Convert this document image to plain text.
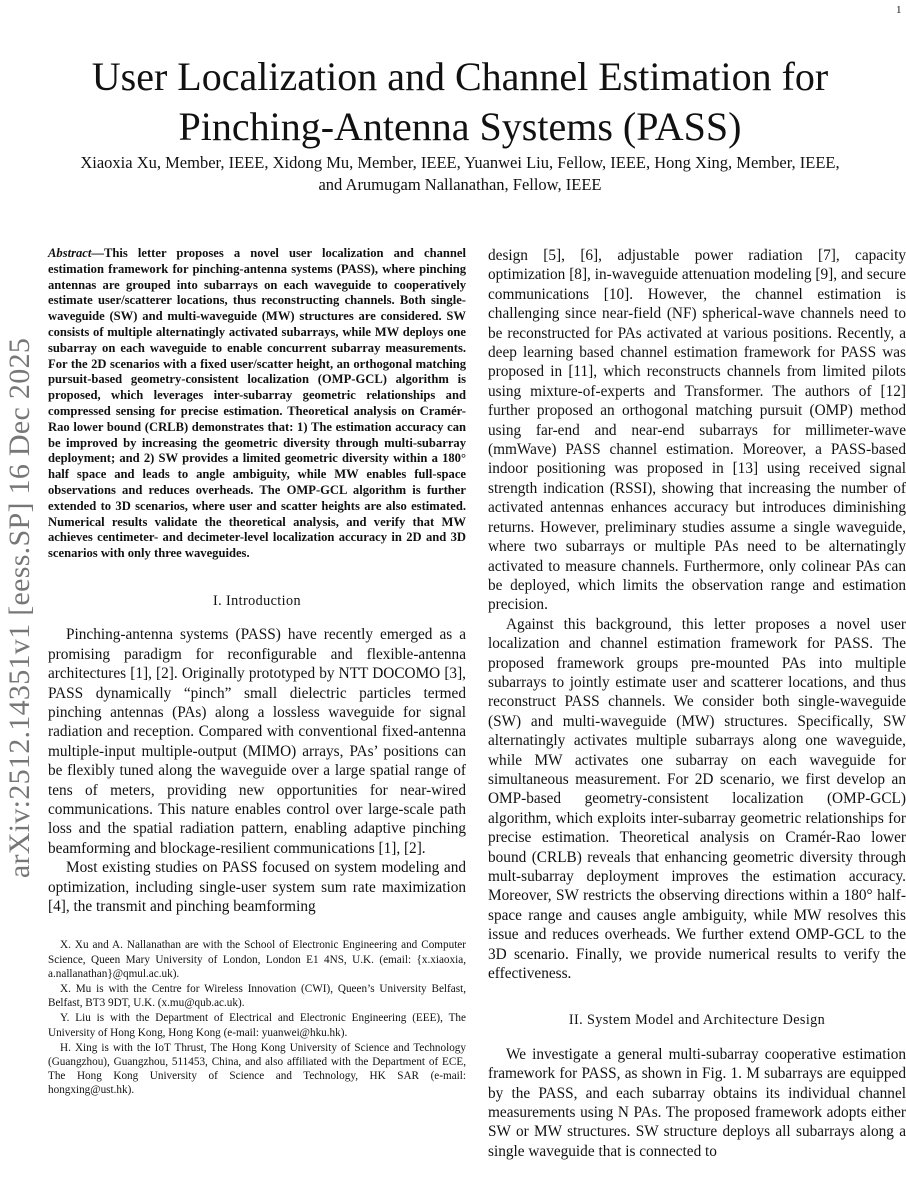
1
arXiv:2512.14351v1 [eess.SP] 16 Dec 2025
User Localization and Channel Estimation for Pinching-Antenna Systems (PASS)
Xiaoxia Xu, Member, IEEE, Xidong Mu, Member, IEEE, Yuanwei Liu, Fellow, IEEE, Hong Xing, Member, IEEE,
and Arumugam Nallanathan, Fellow, IEEE

Abstract—This letter proposes a novel user localization and channel estimation framework for pinching-antenna systems (PASS), where pinching antennas are grouped into subarrays on each waveguide to cooperatively estimate user/scatterer locations, thus reconstructing channels. Both single-waveguide (SW) and multi-waveguide (MW) structures are considered. SW consists of multiple alternatingly activated subarrays, while MW deploys one subarray on each waveguide to enable concurrent subarray measurements. For the 2D scenarios with a fixed user/scatter height, an orthogonal matching pursuit-based geometry-consistent localization (OMP-GCL) algorithm is proposed, which leverages inter-subarray geometric relationships and compressed sensing for precise estimation. Theoretical analysis on Cramér-Rao lower bound (CRLB) demonstrates that: 1) The estimation accuracy can be improved by increasing the geometric diversity through multi-subarray deployment; and 2) SW provides a limited geometric diversity within a 180° half space and leads to angle ambiguity, while MW enables full-space observations and reduces overheads. The OMP-GCL algorithm is further extended to 3D scenarios, where user and scatter heights are also estimated. Numerical results validate the theoretical analysis, and verify that MW achieves centimeter- and decimeter-level localization accuracy in 2D and 3D scenarios with only three waveguides.

I. Introduction

Pinching-antenna systems (PASS) have recently emerged as a promising paradigm for reconfigurable and flexible-antenna architectures [1], [2]. Originally prototyped by NTT DOCOMO [3], PASS dynamically “pinch” small dielectric particles termed pinching antennas (PAs) along a lossless waveguide for signal radiation and reception. Compared with conventional fixed-antenna multiple-input multiple-output (MIMO) arrays, PAs’ positions can be flexibly tuned along the waveguide over a large spatial range of tens of meters, providing new opportunities for near-wired communications. This nature enables control over large-scale path loss and the spatial radiation pattern, enabling adaptive pinching beamforming and blockage-resilient communications [1], [2].

Most existing studies on PASS focused on system modeling and optimization, including single-user system sum rate maximization [4], the transmit and pinching beamforming

X. Xu and A. Nallanathan are with the School of Electronic Engineering and Computer Science, Queen Mary University of London, London E1 4NS, U.K. (email: {x.xiaoxia, a.nallanathan}@qmul.ac.uk).

X. Mu is with the Centre for Wireless Innovation (CWI), Queen’s University Belfast, Belfast, BT3 9DT, U.K. (x.mu@qub.ac.uk).

Y. Liu is with the Department of Electrical and Electronic Engineering (EEE), The University of Hong Kong, Hong Kong (e-mail: yuanwei@hku.hk).

H. Xing is with the IoT Thrust, The Hong Kong University of Science and Technology (Guangzhou), Guangzhou, 511453, China, and also affiliated with the Department of ECE, The Hong Kong University of Science and Technology, HK SAR (e-mail: hongxing@ust.hk).

design [5], [6], adjustable power radiation [7], capacity optimization [8], in-waveguide attenuation modeling [9], and secure communications [10]. However, the channel estimation is challenging since near-field (NF) spherical-wave channels need to be reconstructed for PAs activated at various positions. Recently, a deep learning based channel estimation framework for PASS was proposed in [11], which reconstructs channels from limited pilots using mixture-of-experts and Transformer. The authors of [12] further proposed an orthogonal matching pursuit (OMP) method using far-end and near-end subarrays for millimeter-wave (mmWave) PASS channel estimation. Moreover, a PASS-based indoor positioning was proposed in [13] using received signal strength indication (RSSI), showing that increasing the number of activated antennas enhances accuracy but introduces diminishing returns. However, preliminary studies assume a single waveguide, where two subarrays or multiple PAs need to be alternatingly activated to measure channels. Furthermore, only colinear PAs can be deployed, which limits the observation range and estimation precision.

Against this background, this letter proposes a novel user localization and channel estimation framework for PASS. The proposed framework groups pre-mounted PAs into multiple subarrays to jointly estimate user and scatterer locations, and thus reconstruct PASS channels. We consider both single-waveguide (SW) and multi-waveguide (MW) structures. Specifically, SW alternatingly activates multiple subarrays along one waveguide, while MW activates one subarray on each waveguide for simultaneous measurement. For 2D scenario, we first develop an OMP-based geometry-consistent localization (OMP-GCL) algorithm, which exploits inter-subarray geometric relationships for precise estimation. Theoretical analysis on Cramér-Rao lower bound (CRLB) reveals that enhancing geometric diversity through mult-subarray deployment improves the estimation accuracy. Moreover, SW restricts the observing directions within a 180° half-space range and causes angle ambiguity, while MW resolves this issue and reduces overheads. We further extend OMP-GCL to the 3D scenario. Finally, we provide numerical results to verify the effectiveness.

II. System Model and Architecture Design

We investigate a general multi-subarray cooperative estimation framework for PASS, as shown in Fig. 1. M subarrays are equipped by the PASS, and each subarray obtains its individual channel measurements using N PAs. The proposed framework adopts either SW or MW structures. SW structure deploys all subarrays along a single waveguide that is connected to
